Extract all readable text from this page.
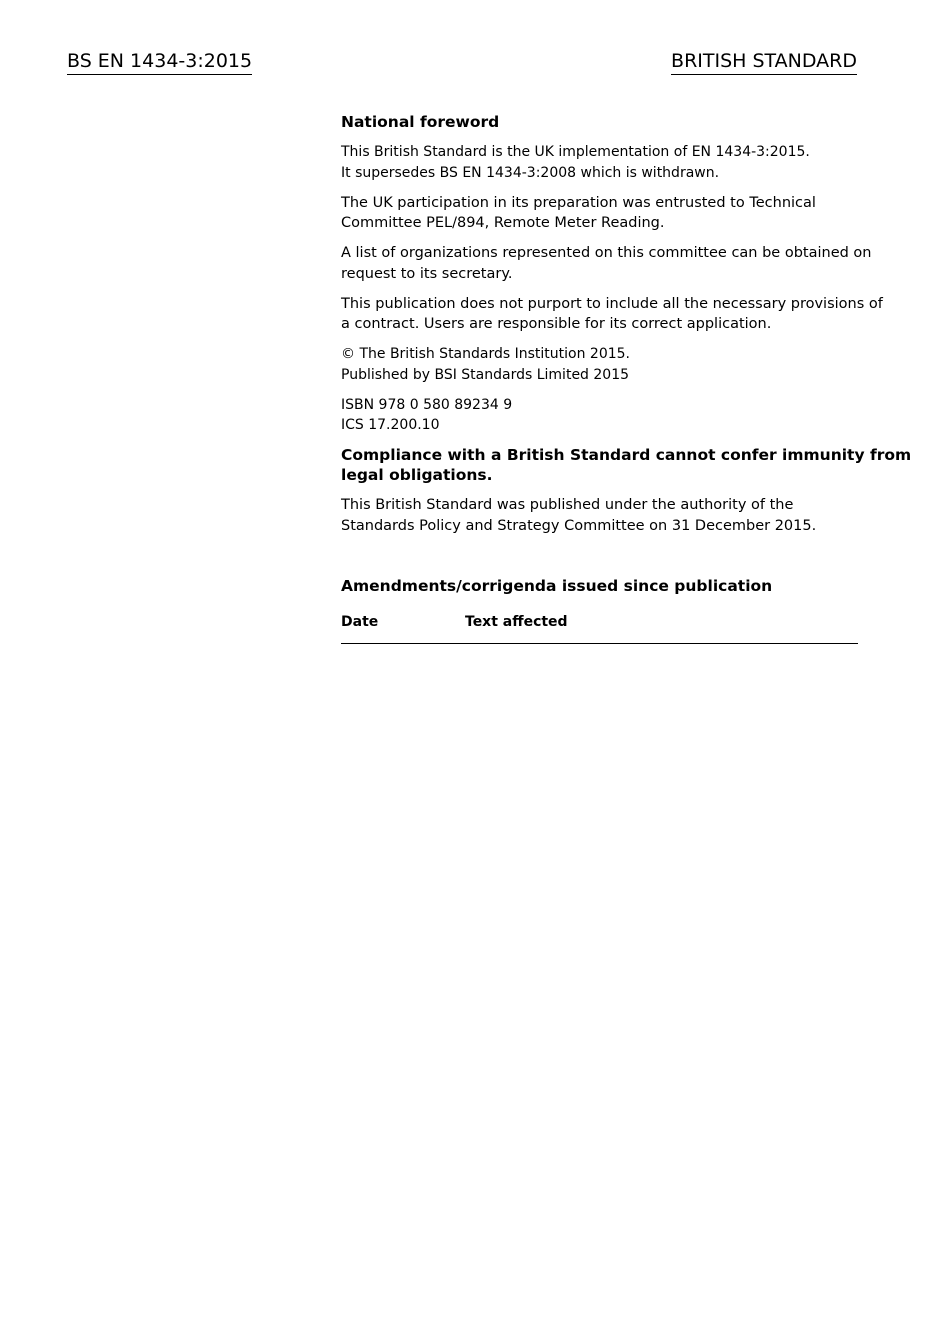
BS EN 1434-3:2015	BRITISH STANDARD
National foreword
This British Standard is the UK implementation of EN 1434-3:2015.
It supersedes BS EN 1434-3:2008 which is withdrawn.
The UK participation in its preparation was entrusted to Technical
Committee PEL/894, Remote Meter Reading.
A list of organizations represented on this committee can be obtained on
request to its secretary.
This publication does not purport to include all the necessary provisions of
a contract. Users are responsible for its correct application.
© The British Standards Institution 2015.
Published by BSI Standards Limited 2015
ISBN 978 0 580 89234 9
ICS 17.200.10
Compliance with a British Standard cannot confer immunity from
legal obligations.
This British Standard was published under the authority of the
Standards Policy and Strategy Committee on 31 December 2015.
Amendments/corrigenda issued since publication
Date	Text affected
